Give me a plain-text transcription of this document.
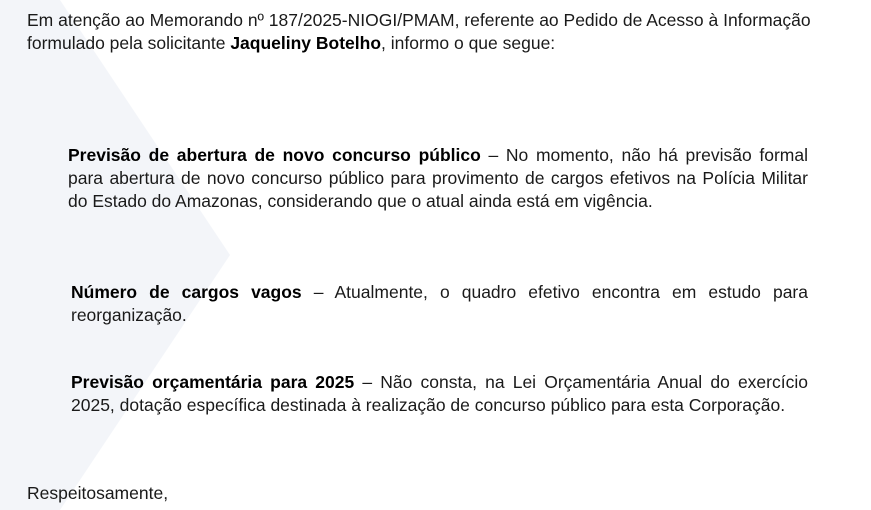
Em atenção ao Memorando nº 187/2025-NIOGI/PMAM, referente ao Pedido de Acesso à Informação formulado pela solicitante Jaqueliny Botelho, informo o que segue:

Previsão de abertura de novo concurso público – No momento, não há previsão formal para abertura de novo concurso público para provimento de cargos efetivos na Polícia Militar do Estado do Amazonas, considerando que o atual ainda está em vigência.

Número de cargos vagos – Atualmente, o quadro efetivo encontra em estudo para reorganização.

Previsão orçamentária para 2025 – Não consta, na Lei Orçamentária Anual do exercício 2025, dotação específica destinada à realização de concurso público para esta Corporação.

Respeitosamente,
